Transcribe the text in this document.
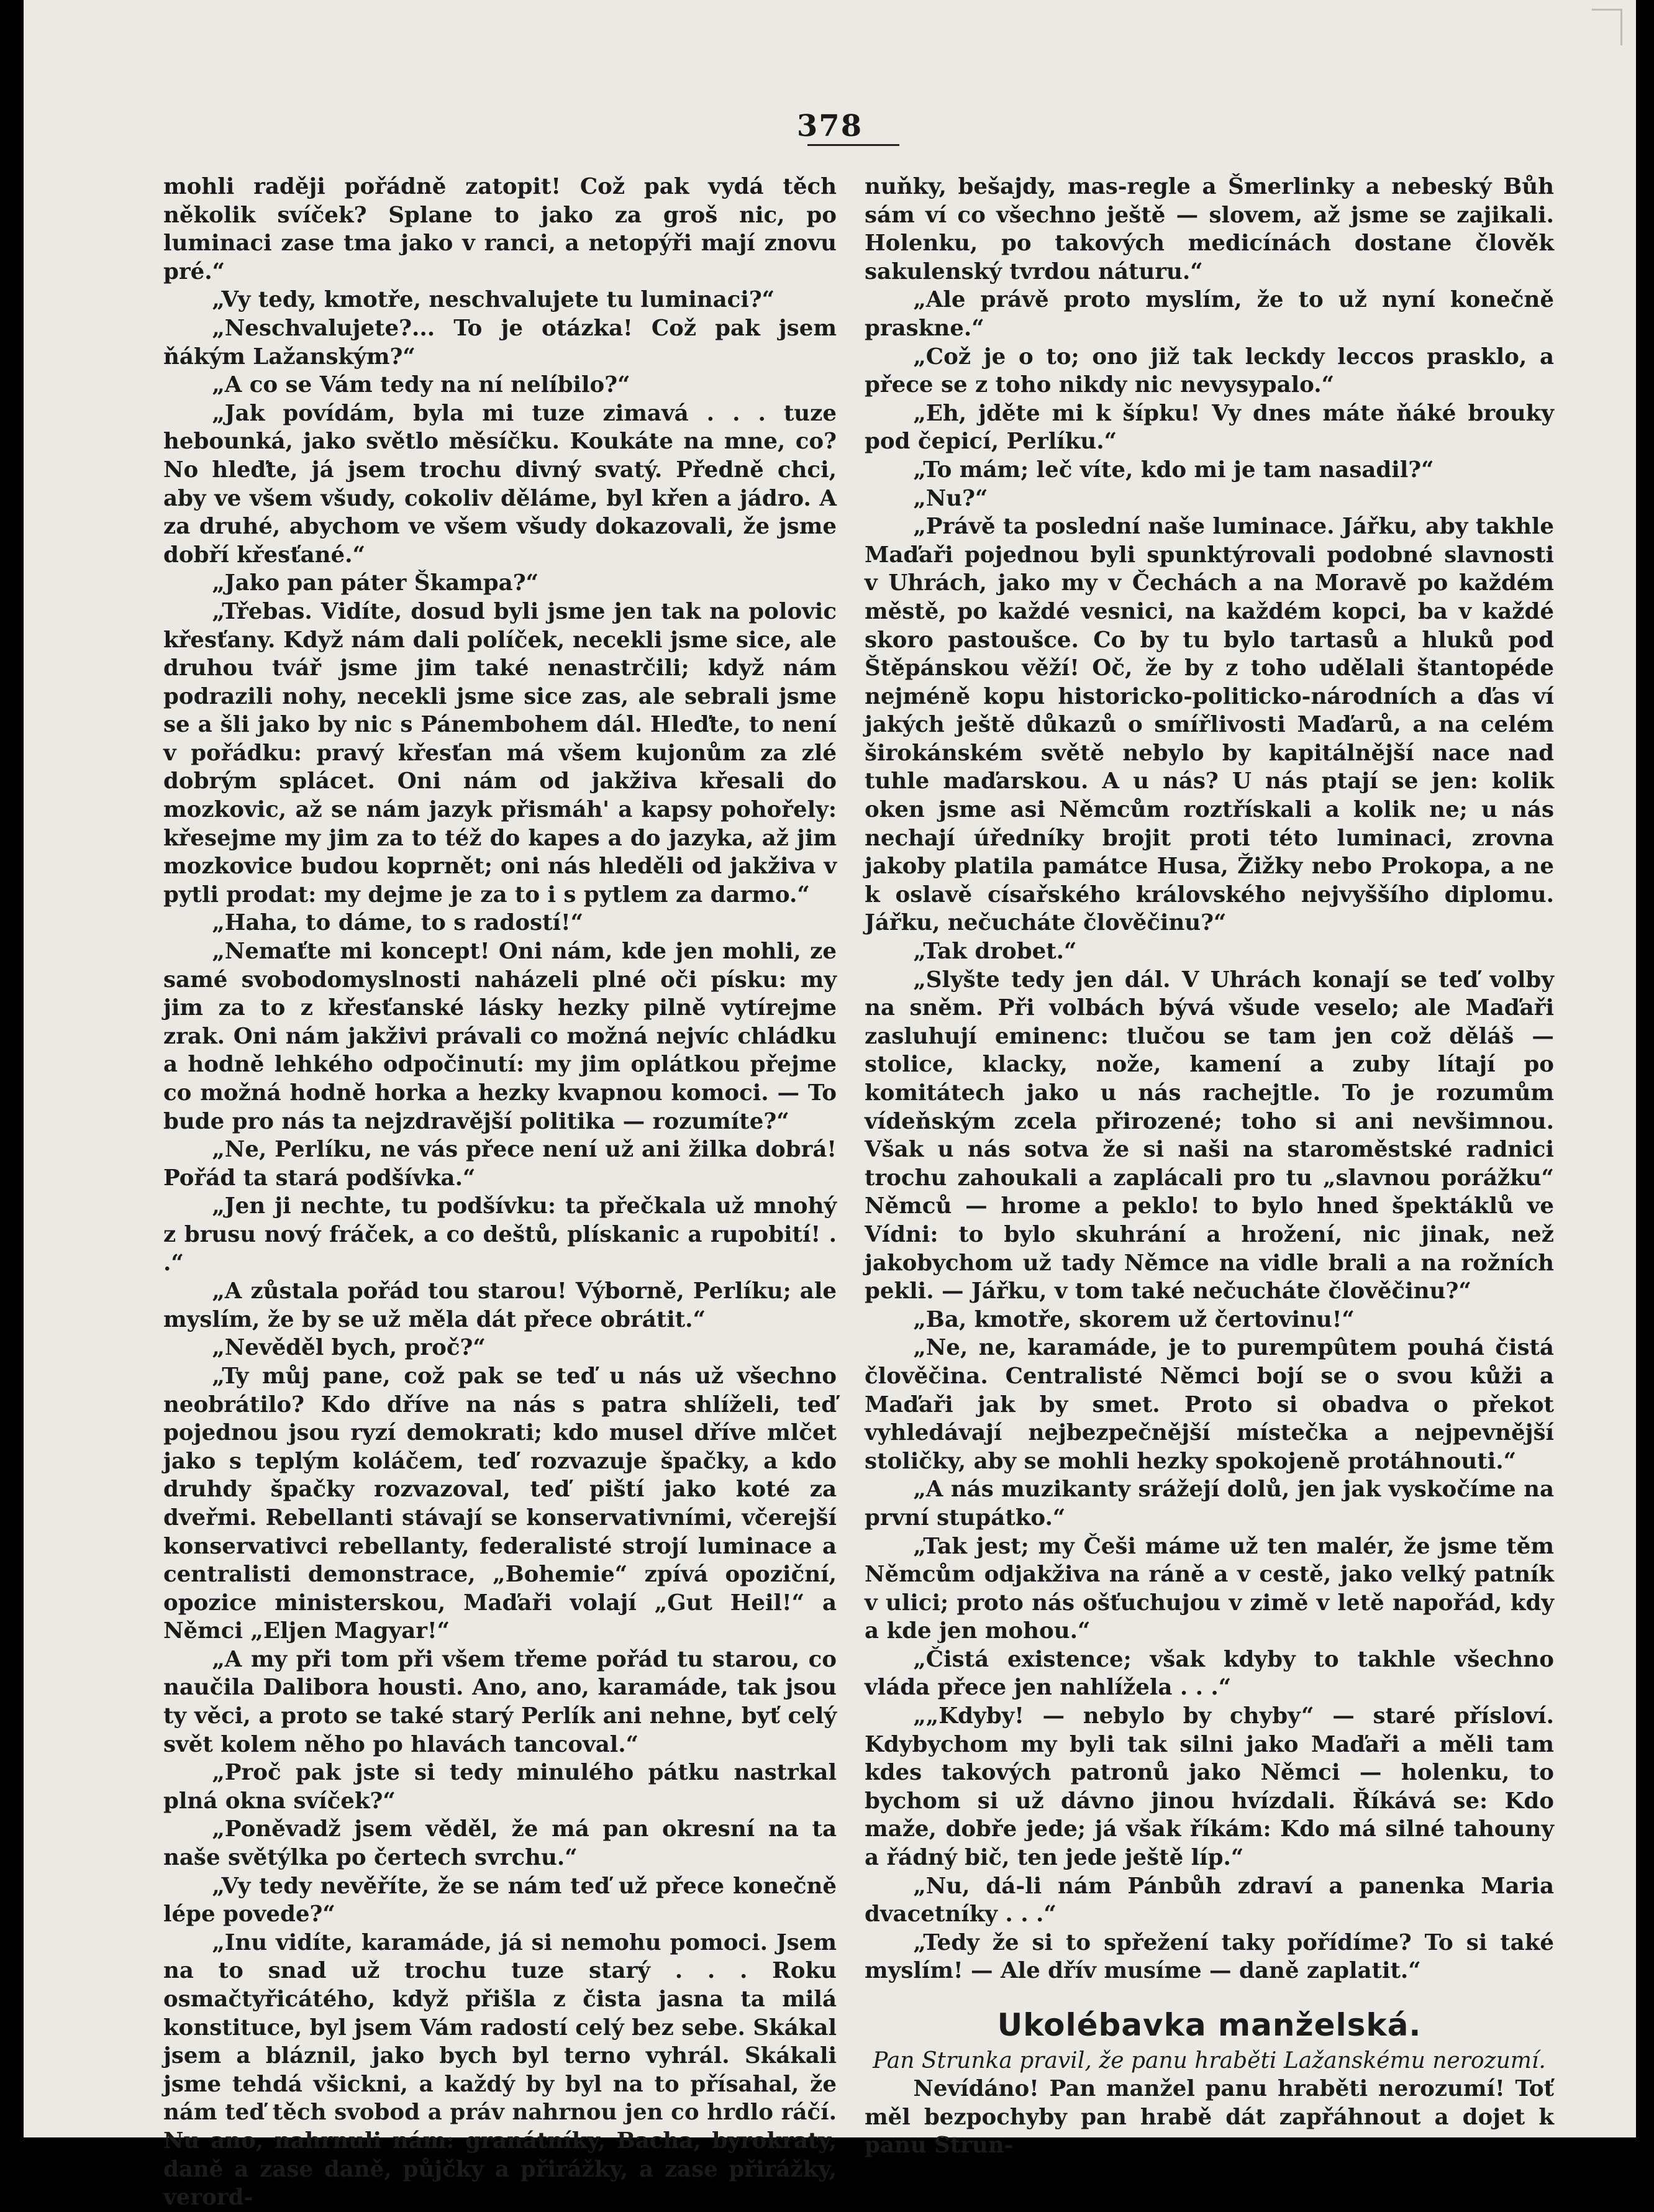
378

mohli raději pořádně zatopit! Což pak vydá těch několik svíček? Splane to jako za groš nic, po luminaci zase tma jako v ranci, a netopýři mají znovu pré.“

„Vy tedy, kmotře, neschvalujete tu luminaci?“

„Neschvalujete?... To je otázka! Což pak jsem ňákým Lažanským?“

„A co se Vám tedy na ní nelíbilo?“

„Jak povídám, byla mi tuze zimavá . . . tuze hebounká, jako světlo měsíčku. Koukáte na mne, co? No hleďte, já jsem trochu divný svatý. Předně chci, aby ve všem všudy, cokoliv děláme, byl křen a jádro. A za druhé, abychom ve všem všudy dokazovali, že jsme dobří křesťané.“

„Jako pan páter Škampa?“

„Třebas. Vidíte, dosud byli jsme jen tak na polovic křesťany. Když nám dali políček, necekli jsme sice, ale druhou tvář jsme jim také nenastrčili; když nám podrazili nohy, necekli jsme sice zas, ale sebrali jsme se a šli jako by nic s Pánembohem dál. Hleďte, to není v pořádku: pravý křesťan má všem kujonům za zlé dobrým splácet. Oni nám od jakživa křesali do mozkovic, až se nám jazyk přismáh' a kapsy pohořely: křesejme my jim za to též do kapes a do jazyka, až jim mozkovice budou koprnět; oni nás hleděli od jakživa v pytli prodat: my dejme je za to i s pytlem za darmo.“

„Haha, to dáme, to s radostí!“

„Nemaťte mi koncept! Oni nám, kde jen mohli, ze samé svobodomyslnosti naházeli plné oči písku: my jim za to z křesťanské lásky hezky pilně vytírejme zrak. Oni nám jakživi právali co možná nejvíc chládku a hodně lehkého odpočinutí: my jim oplátkou přejme co možná hodně horka a hezky kvapnou komoci. — To bude pro nás ta nejzdravější politika — rozumíte?“

„Ne, Perlíku, ne vás přece není už ani žilka dobrá! Pořád ta stará podšívka.“

„Jen ji nechte, tu podšívku: ta přečkala už mnohý z brusu nový fráček, a co deštů, plískanic a rupobití! . .“

„A zůstala pořád tou starou! Výborně, Perlíku; ale myslím, že by se už měla dát přece obrátit.“

„Nevěděl bych, proč?“

„Ty můj pane, což pak se teď u nás už všechno neobrátilo? Kdo dříve na nás s patra shlíželi, teď pojednou jsou ryzí demokrati; kdo musel dříve mlčet jako s teplým koláčem, teď rozvazuje špačky, a kdo druhdy špačky rozvazoval, teď piští jako koté za dveřmi. Rebellanti stávají se konservativními, včerejší konservativci rebellanty, federalisté strojí luminace a centralisti demonstrace, „Bohemie“ zpívá opoziční, opozice ministerskou, Maďaři volají „Gut Heil!“ a Němci „Eljen Magyar!“

„A my při tom při všem třeme pořád tu starou, co naučila Dalibora housti. Ano, ano, karamáde, tak jsou ty věci, a proto se také starý Perlík ani nehne, byť celý svět kolem něho po hlavách tancoval.“

„Proč pak jste si tedy minulého pátku nastrkal plná okna svíček?“

„Poněvadž jsem věděl, že má pan okresní na ta naše světýlka po čertech svrchu.“

„Vy tedy nevěříte, že se nám teď už přece konečně lépe povede?“

„Inu vidíte, karamáde, já si nemohu pomoci. Jsem na to snad už trochu tuze starý . . . Roku osmačtyřicátého, když přišla z čista jasna ta milá konstituce, byl jsem Vám radostí celý bez sebe. Skákal jsem a bláznil, jako bych byl terno vyhrál. Skákali jsme tehdá všickni, a každý by byl na to přísahal, že nám teď těch svobod a práv nahrnou jen co hrdlo ráčí. Nu ano, nahrnuli nám: granátníky, Bacha, byrokraty, daně a zase daně, půjčky a přirážky, a zase přirážky, verord-

nuňky, bešajdy, mas-regle a Šmerlinky a nebeský Bůh sám ví co všechno ještě — slovem, až jsme se zajikali. Holenku, po takových medicínách dostane člověk sakulenský tvrdou náturu.“

„Ale právě proto myslím, že to už nyní konečně praskne.“

„Což je o to; ono již tak leckdy leccos prasklo, a přece se z toho nikdy nic nevysypalo.“

„Eh, jděte mi k šípku! Vy dnes máte ňáké brouky pod čepicí, Perlíku.“

„To mám; leč víte, kdo mi je tam nasadil?“

„Nu?“

„Právě ta poslední naše luminace. Jářku, aby takhle Maďaři pojednou byli spunktýrovali podobné slavnosti v Uhrách, jako my v Čechách a na Moravě po každém městě, po každé vesnici, na každém kopci, ba v každé skoro pastoušce. Co by tu bylo tartasů a hluků pod Štěpánskou věží! Oč, že by z toho udělali štantopéde nejméně kopu historicko-politicko-národních a ďas ví jakých ještě důkazů o smířlivosti Maďarů, a na celém širokánském světě nebylo by kapitálnější nace nad tuhle maďarskou. A u nás? U nás ptají se jen: kolik oken jsme asi Němcům roztřískali a kolik ne; u nás nechají úředníky brojit proti této luminaci, zrovna jakoby platila památce Husa, Žižky nebo Prokopa, a ne k oslavě císařského královského nejvyššího diplomu. Jářku, nečucháte člověčinu?“

„Tak drobet.“

„Slyšte tedy jen dál. V Uhrách konají se teď volby na sněm. Při volbách bývá všude veselo; ale Maďaři zasluhují eminenc: tlučou se tam jen což děláš — stolice, klacky, nože, kamení a zuby lítají po komitátech jako u nás rachejtle. To je rozumům vídeňským zcela přirozené; toho si ani nevšimnou. Však u nás sotva že si naši na staroměstské radnici trochu zahoukali a zaplácali pro tu „slavnou porážku“ Němců — hrome a peklo! to bylo hned špektáklů ve Vídni: to bylo skuhrání a hrožení, nic jinak, než jakobychom už tady Němce na vidle brali a na rožních pekli. — Jářku, v tom také nečucháte člověčinu?“

„Ba, kmotře, skorem už čertovinu!“

„Ne, ne, karamáde, je to purempûtem pouhá čistá člověčina. Centralisté Němci bojí se o svou kůži a Maďaři jak by smet. Proto si obadva o překot vyhledávají nejbezpečnější místečka a nejpevnější stoličky, aby se mohli hezky spokojeně protáhnouti.“

„A nás muzikanty srážejí dolů, jen jak vyskočíme na první stupátko.“

„Tak jest; my Češi máme už ten malér, že jsme těm Němcům odjakživa na ráně a v cestě, jako velký patník v ulici; proto nás ošťuchujou v zimě v letě napořád, kdy a kde jen mohou.“

„Čistá existence; však kdyby to takhle všechno vláda přece jen nahlížela . . .“

„„Kdyby! — nebylo by chyby“ — staré přísloví. Kdybychom my byli tak silni jako Maďaři a měli tam kdes takových patronů jako Němci — holenku, to bychom si už dávno jinou hvízdali. Říkává se: Kdo maže, dobře jede; já však říkám: Kdo má silné tahouny a řádný bič, ten jede ještě líp.“

„Nu, dá-li nám Pánbůh zdraví a panenka Maria dvacetníky . . .“

„Tedy že si to spřežení taky pořídíme? To si také myslím! — Ale dřív musíme — daně zaplatit.“

Ukolébavka manželská.

Pan Strunka pravil, že panu hraběti Lažanskému nerozumí.

Nevídáno! Pan manžel panu hraběti nerozumí! Toť měl bezpochyby pan hrabě dát zapřáhnout a dojet k panu Strun-
